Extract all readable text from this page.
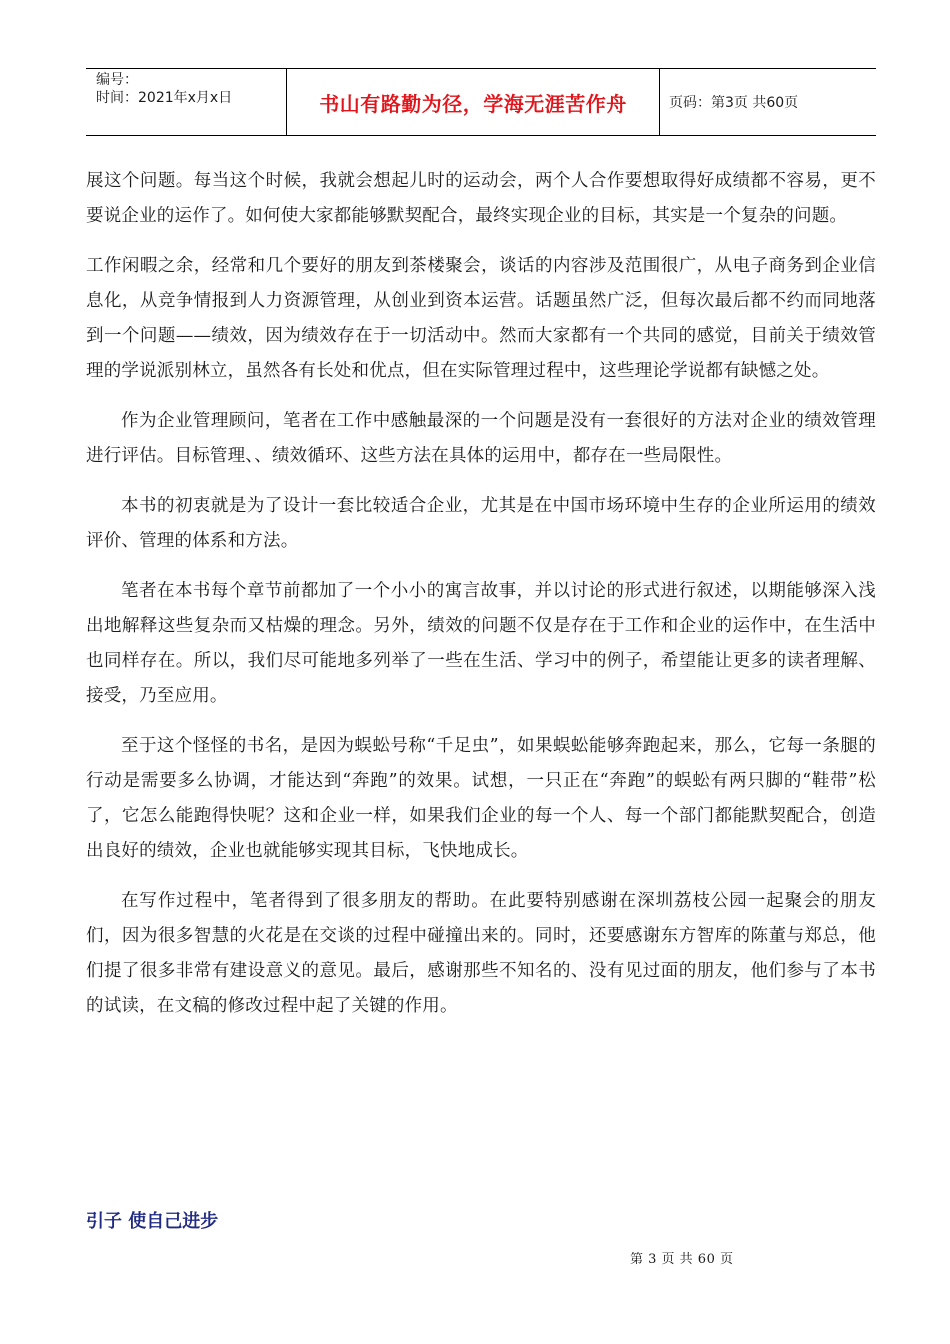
编号：
时间：2021年x月x日	书山有路勤为径，学海无涯苦作舟	页码：第3页 共60页

展这个问题。每当这个时候，我就会想起儿时的运动会，两个人合作要想取得好成绩都不容易，更不要说企业的运作了。如何使大家都能够默契配合，最终实现企业的目标，其实是一个复杂的问题。

工作闲暇之余，经常和几个要好的朋友到茶楼聚会，谈话的内容涉及范围很广，从电子商务到企业信息化，从竞争情报到人力资源管理，从创业到资本运营。话题虽然广泛，但每次最后都不约而同地落到一个问题——绩效，因为绩效存在于一切活动中。然而大家都有一个共同的感觉，目前关于绩效管理的学说派别林立，虽然各有长处和优点，但在实际管理过程中，这些理论学说都有缺憾之处。

作为企业管理顾问，笔者在工作中感触最深的一个问题是没有一套很好的方法对企业的绩效管理进行评估。目标管理、、绩效循环、这些方法在具体的运用中，都存在一些局限性。

本书的初衷就是为了设计一套比较适合企业，尤其是在中国市场环境中生存的企业所运用的绩效评价、管理的体系和方法。

笔者在本书每个章节前都加了一个小小的寓言故事，并以讨论的形式进行叙述，以期能够深入浅出地解释这些复杂而又枯燥的理念。另外，绩效的问题不仅是存在于工作和企业的运作中，在生活中也同样存在。所以，我们尽可能地多列举了一些在生活、学习中的例子，希望能让更多的读者理解、接受，乃至应用。

至于这个怪怪的书名，是因为蜈蚣号称“千足虫”，如果蜈蚣能够奔跑起来，那么，它每一条腿的行动是需要多么协调，才能达到“奔跑”的效果。试想，一只正在“奔跑”的蜈蚣有两只脚的“鞋带”松了，它怎么能跑得快呢？这和企业一样，如果我们企业的每一个人、每一个部门都能默契配合，创造出良好的绩效，企业也就能够实现其目标，飞快地成长。

在写作过程中，笔者得到了很多朋友的帮助。在此要特别感谢在深圳荔枝公园一起聚会的朋友们，因为很多智慧的火花是在交谈的过程中碰撞出来的。同时，还要感谢东方智库的陈董与郑总，他们提了很多非常有建设意义的意见。最后，感谢那些不知名的、没有见过面的朋友，他们参与了本书的试读，在文稿的修改过程中起了关键的作用。

引子 使自己进步
第 3 页 共 60 页
